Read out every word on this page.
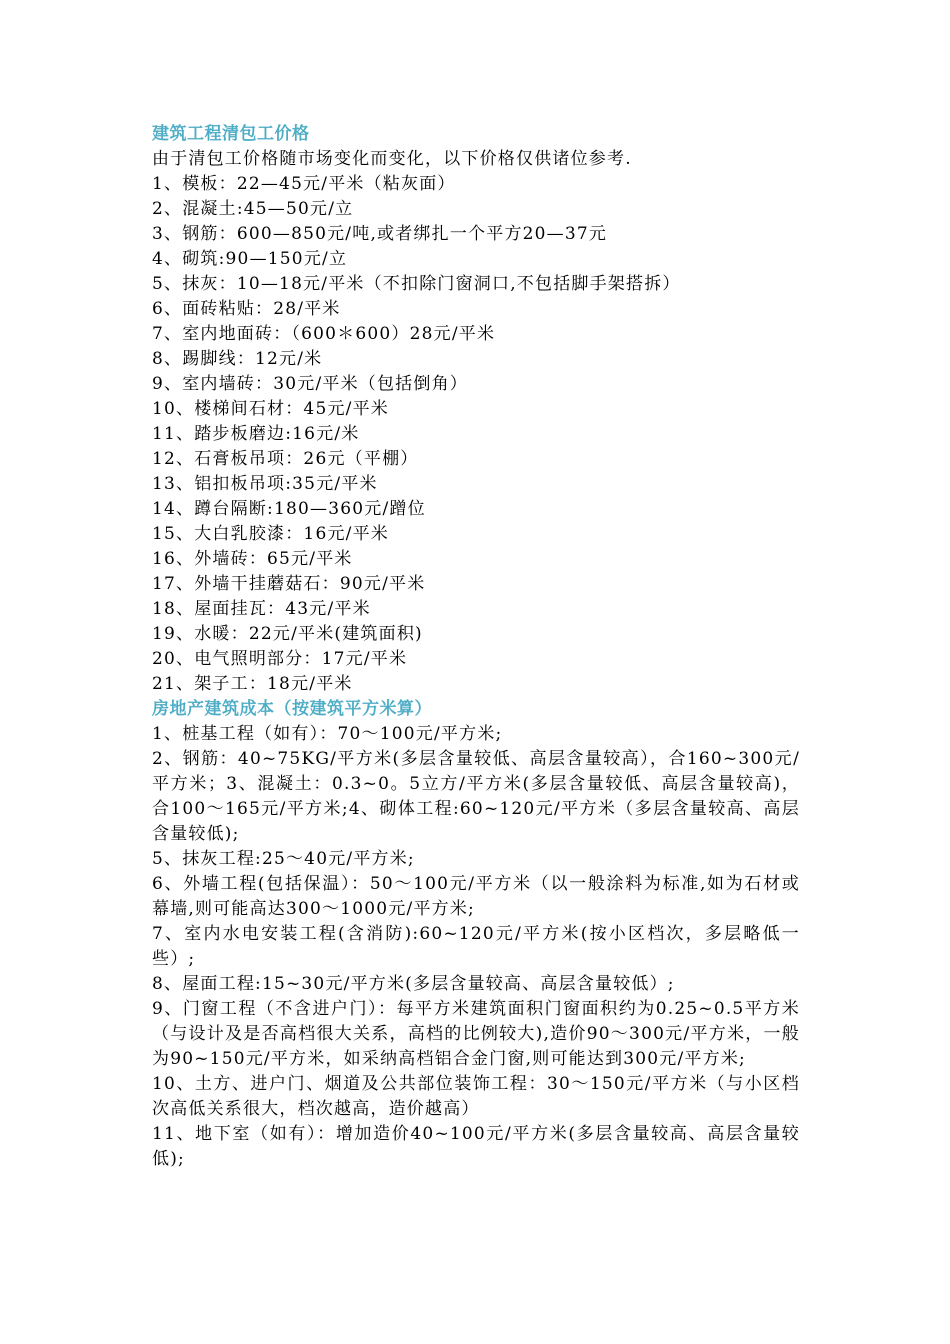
建筑工程清包工价格
由于清包工价格随市场变化而变化，以下价格仅供诸位参考.
1、模板：22—45元/平米（粘灰面）
2、混凝土:45—50元/立
3、钢筋：600—850元/吨,或者绑扎一个平方20—37元
4、砌筑:90—150元/立
5、抹灰：10—18元/平米（不扣除门窗洞口,不包括脚手架搭拆）
6、面砖粘贴：28/平米
7、室内地面砖：（600＊600）28元/平米
8、踢脚线：12元/米
9、室内墙砖：30元/平米（包括倒角）
10、楼梯间石材：45元/平米
11、踏步板磨边:16元/米
12、石膏板吊项：26元（平棚）
13、铝扣板吊项:35元/平米
14、蹲台隔断:180—360元/蹭位
15、大白乳胶漆：16元/平米
16、外墙砖：65元/平米
17、外墙干挂蘑菇石：90元/平米
18、屋面挂瓦：43元/平米
19、水暖：22元/平米(建筑面积)
20、电气照明部分：17元/平米
21、架子工：18元/平米
房地产建筑成本（按建筑平方米算）
1、桩基工程（如有）：70～100元/平方米;
2、钢筋：40~75KG/平方米(多层含量较低、高层含量较高），合160~300元/平方米；3、混凝土：0.3~0。5立方/平方米(多层含量较低、高层含量较高)，合100～165元/平方米;4、砌体工程:60~120元/平方米（多层含量较高、高层含量较低);
5、抹灰工程:25～40元/平方米;
6、外墙工程(包括保温）：50～100元/平方米（以一般涂料为标准,如为石材或幕墙,则可能高达300～1000元/平方米;
7、室内水电安装工程(含消防):60~120元/平方米(按小区档次，多层略低一些）;
8、屋面工程:15~30元/平方米(多层含量较高、高层含量较低）;
9、门窗工程（不含进户门）：每平方米建筑面积门窗面积约为0.25~0.5平方米（与设计及是否高档很大关系，高档的比例较大),造价90～300元/平方米，一般为90~150元/平方米，如采纳高档铝合金门窗,则可能达到300元/平方米;
10、土方、进户门、烟道及公共部位装饰工程：30～150元/平方米（与小区档次高低关系很大，档次越高，造价越高）
11、地下室（如有）：增加造价40~100元/平方米(多层含量较高、高层含量较低);
